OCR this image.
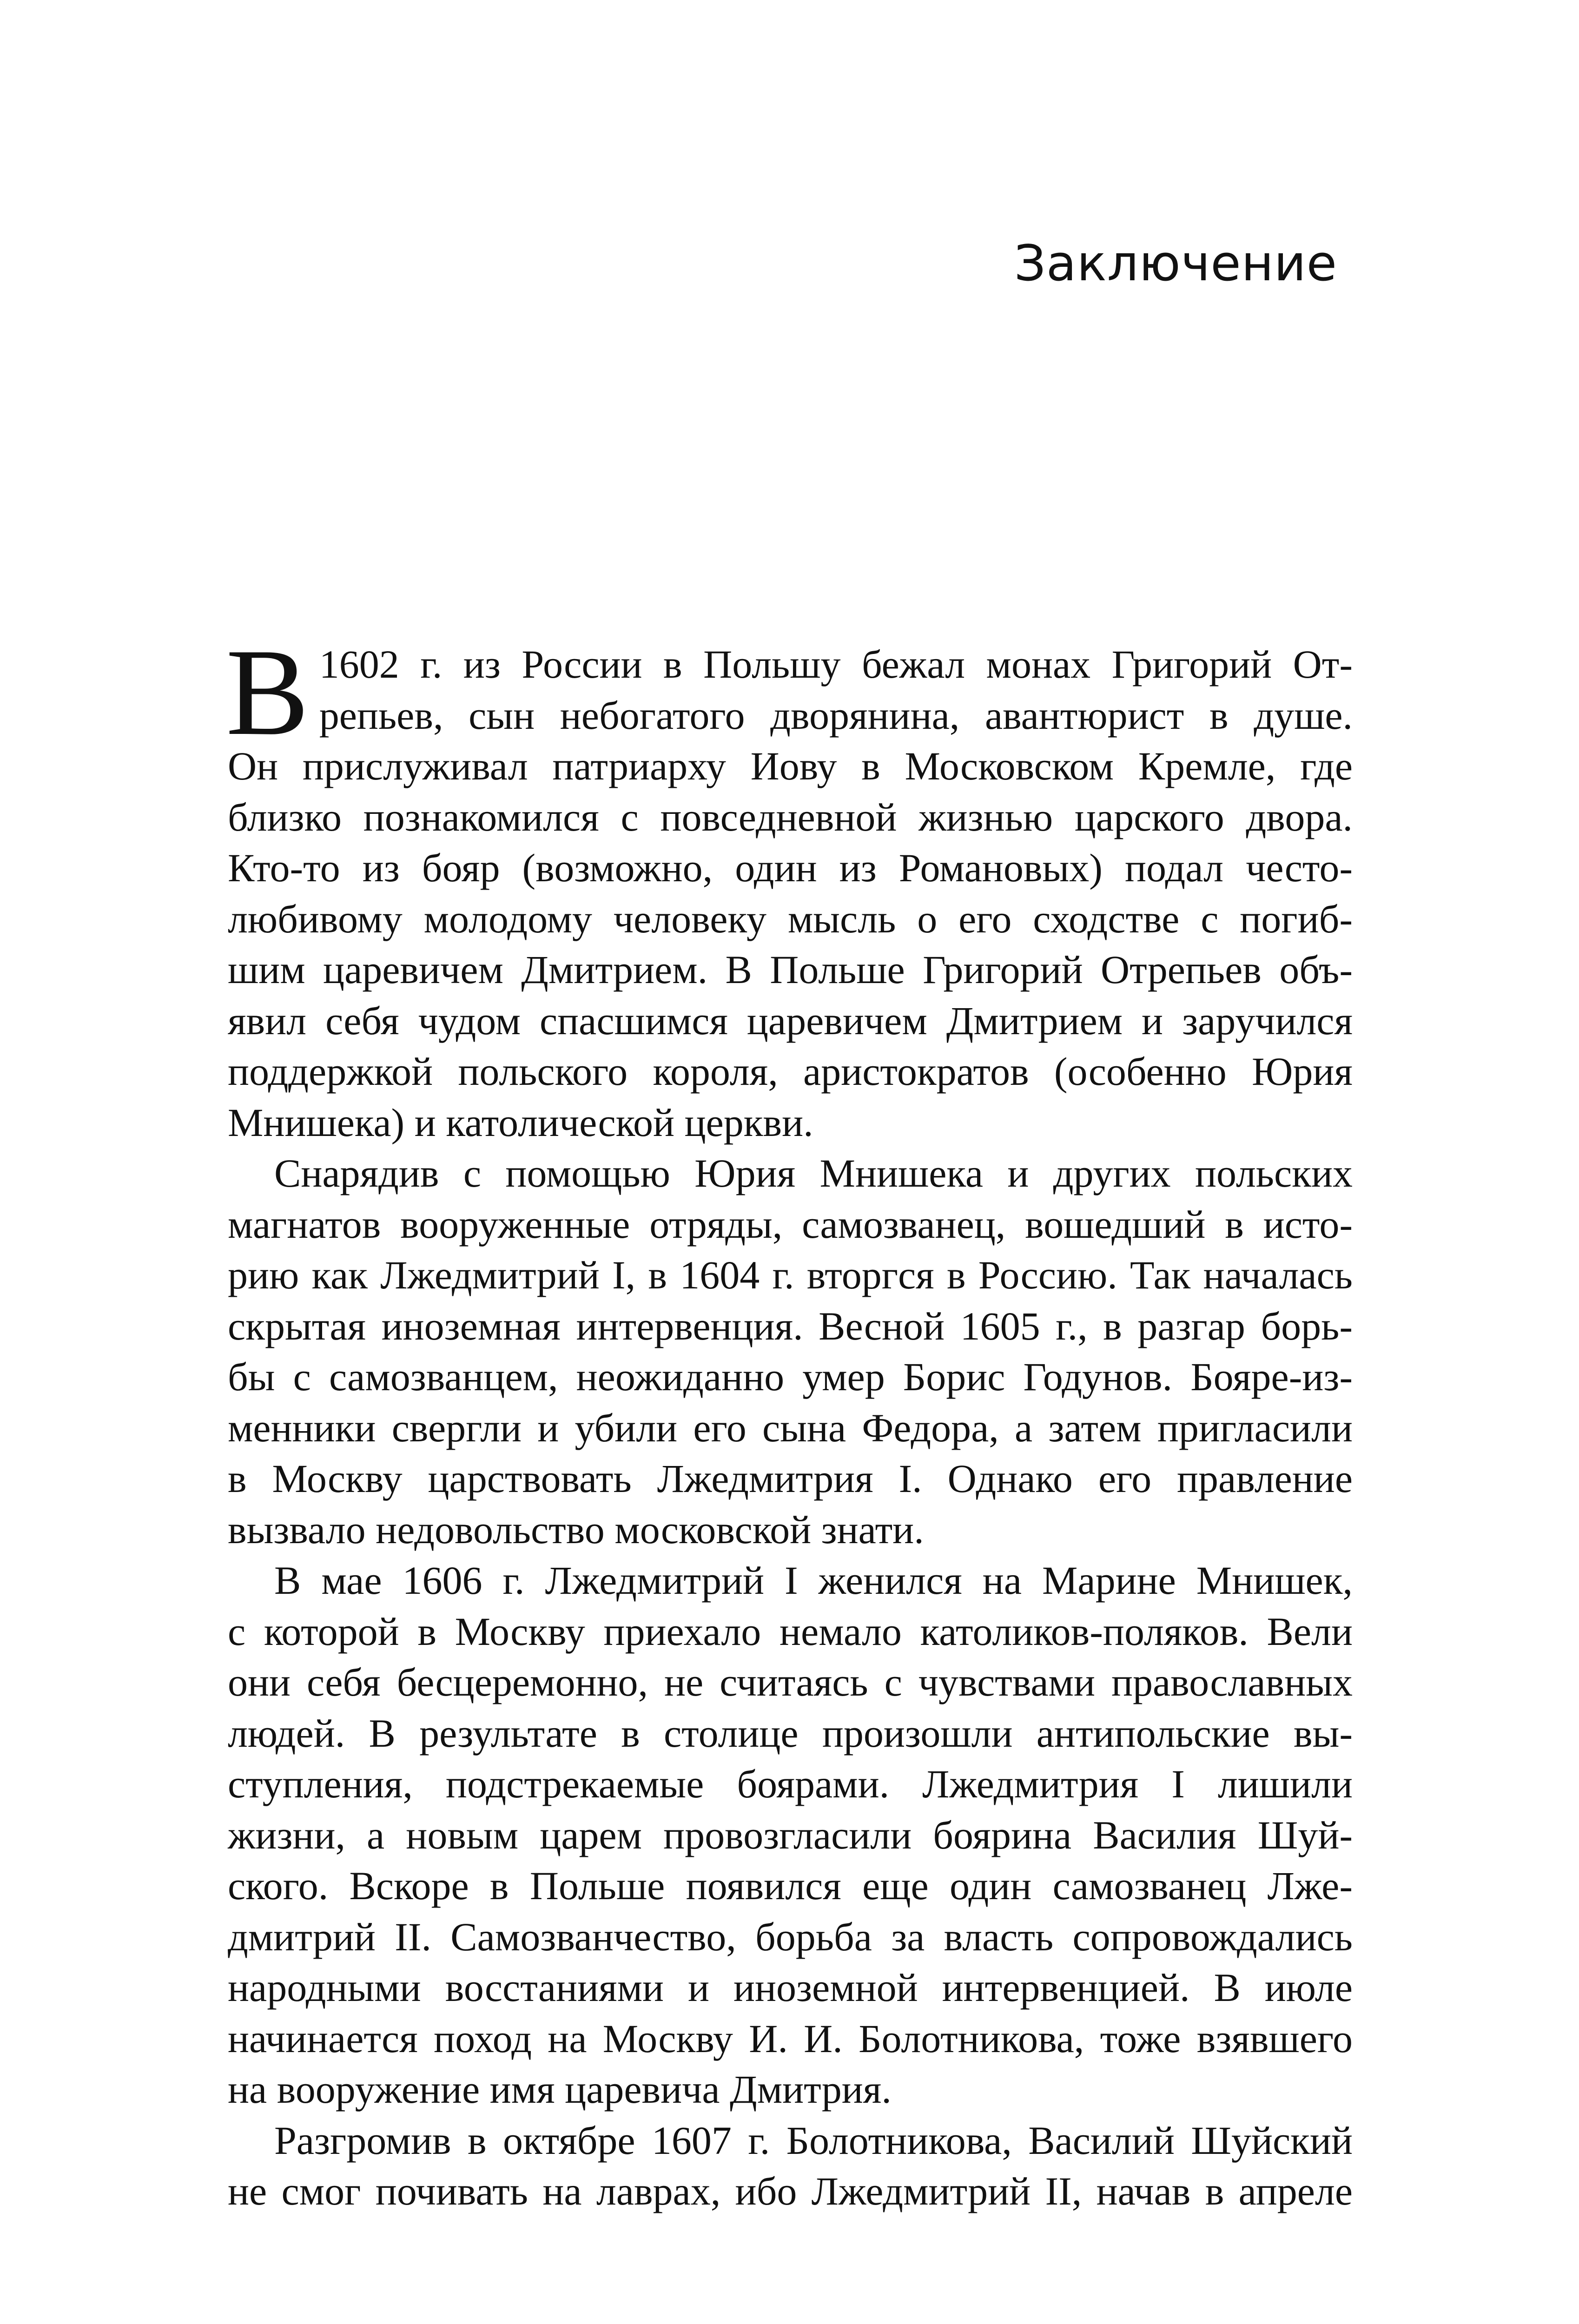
Заключение
В 1602 г. из России в Польшу бежал монах Григорий От-
репьев, сын небогатого дворянина, авантюрист в душе.
Он прислуживал патриарху Иову в Московском Кремле, где
близко познакомился с повседневной жизнью царского двора.
Кто-то из бояр (возможно, один из Романовых) подал често-
любивому молодому человеку мысль о его сходстве с погиб-
шим царевичем Дмитрием. В Польше Григорий Отрепьев объ-
явил себя чудом спасшимся царевичем Дмитрием и заручился
поддержкой польского короля, аристократов (особенно Юрия
Мнишека) и католической церкви.
Снарядив с помощью Юрия Мнишека и других польских
магнатов вооруженные отряды, самозванец, вошедший в исто-
рию как Лжедмитрий I, в 1604 г. вторгся в Россию. Так началась
скрытая иноземная интервенция. Весной 1605 г., в разгар борь-
бы с самозванцем, неожиданно умер Борис Годунов. Бояре-из-
менники свергли и убили его сына Федора, а затем пригласили
в Москву царствовать Лжедмитрия I. Однако его правление
вызвало недовольство московской знати.
В мае 1606 г. Лжедмитрий I женился на Марине Мнишек,
с которой в Москву приехало немало католиков-поляков. Вели
они себя бесцеремонно, не считаясь с чувствами православных
людей. В результате в столице произошли антипольские вы-
ступления, подстрекаемые боярами. Лжедмитрия I лишили
жизни, а новым царем провозгласили боярина Василия Шуй-
ского. Вскоре в Польше появился еще один самозванец Лже-
дмитрий II. Самозванчество, борьба за власть сопровождались
народными восстаниями и иноземной интервенцией. В июле
начинается поход на Москву И. И. Болотникова, тоже взявшего
на вооружение имя царевича Дмитрия.
Разгромив в октябре 1607 г. Болотникова, Василий Шуйский
не смог почивать на лаврах, ибо Лжедмитрий II, начав в апреле
